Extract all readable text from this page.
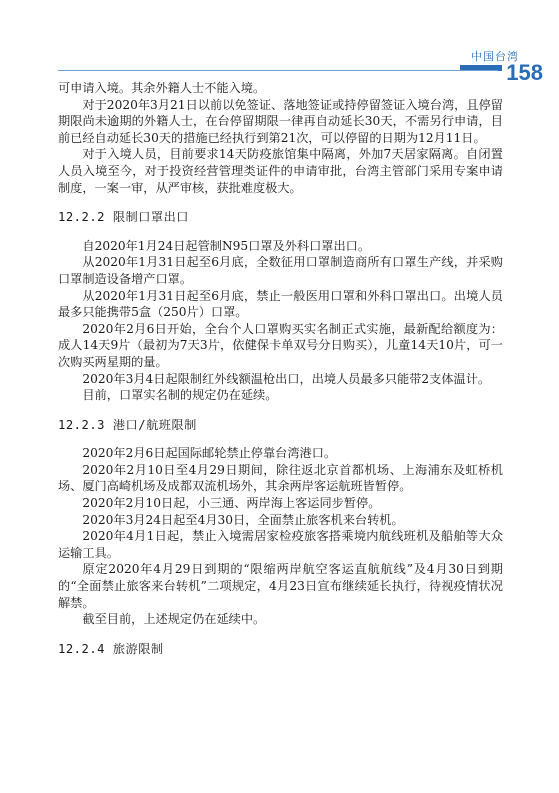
中国台湾
158

可申请入境。其余外籍人士不能入境。

对于2020年3月21日以前以免签证、落地签证或持停留签证入境台湾，且停留期限尚未逾期的外籍人士，在台停留期限一律再自动延长30天，不需另行申请，目前已经自动延长30天的措施已经执行到第21次，可以停留的日期为12月11日。

对于入境人员，目前要求14天防疫旅馆集中隔离，外加7天居家隔离。自闭置人员入境至今，对于投资经营管理类证件的申请审批，台湾主管部门采用专案申请制度，一案一审，从严审核，获批难度极大。

12.2.2 限制口罩出口

自2020年1月24日起管制N95口罩及外科口罩出口。

从2020年1月31日起至6月底，全数征用口罩制造商所有口罩生产线，并采购口罩制造设备增产口罩。

从2020年1月31日起至6月底，禁止一般医用口罩和外科口罩出口。出境人员最多只能携带5盒（250片）口罩。

2020年2月6日开始，全台个人口罩购买实名制正式实施，最新配给额度为：成人14天9片（最初为7天3片，依健保卡单双号分日购买），儿童14天10片，可一次购买两星期的量。

2020年3月4日起限制红外线额温枪出口，出境人员最多只能带2支体温计。

目前，口罩实名制的规定仍在延续。

12.2.3 港口/航班限制

2020年2月6日起国际邮轮禁止停靠台湾港口。

2020年2月10日至4月29日期间，除往返北京首都机场、上海浦东及虹桥机场、厦门高崎机场及成都双流机场外，其余两岸客运航班皆暂停。

2020年2月10日起，小三通、两岸海上客运同步暂停。

2020年3月24日起至4月30日，全面禁止旅客机来台转机。

2020年4月1日起，禁止入境需居家检疫旅客搭乘境内航线班机及船舶等大众运输工具。

原定2020年4月29日到期的“限缩两岸航空客运直航航线”及4月30日到期的“全面禁止旅客来台转机”二项规定，4月23日宣布继续延长执行，待视疫情状况解禁。

截至目前，上述规定仍在延续中。

12.2.4 旅游限制
